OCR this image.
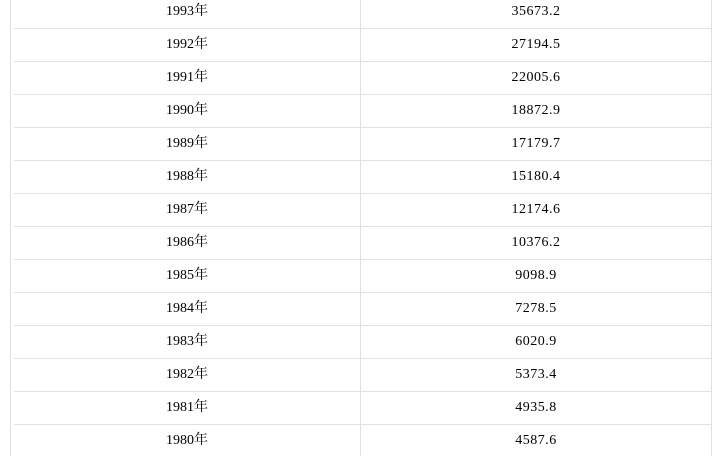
1993年	35673.2
1992年	27194.5
1991年	22005.6
1990年	18872.9
1989年	17179.7
1988年	15180.4
1987年	12174.6
1986年	10376.2
1985年	9098.9
1984年	7278.5
1983年	6020.9
1982年	5373.4
1981年	4935.8
1980年	4587.6
